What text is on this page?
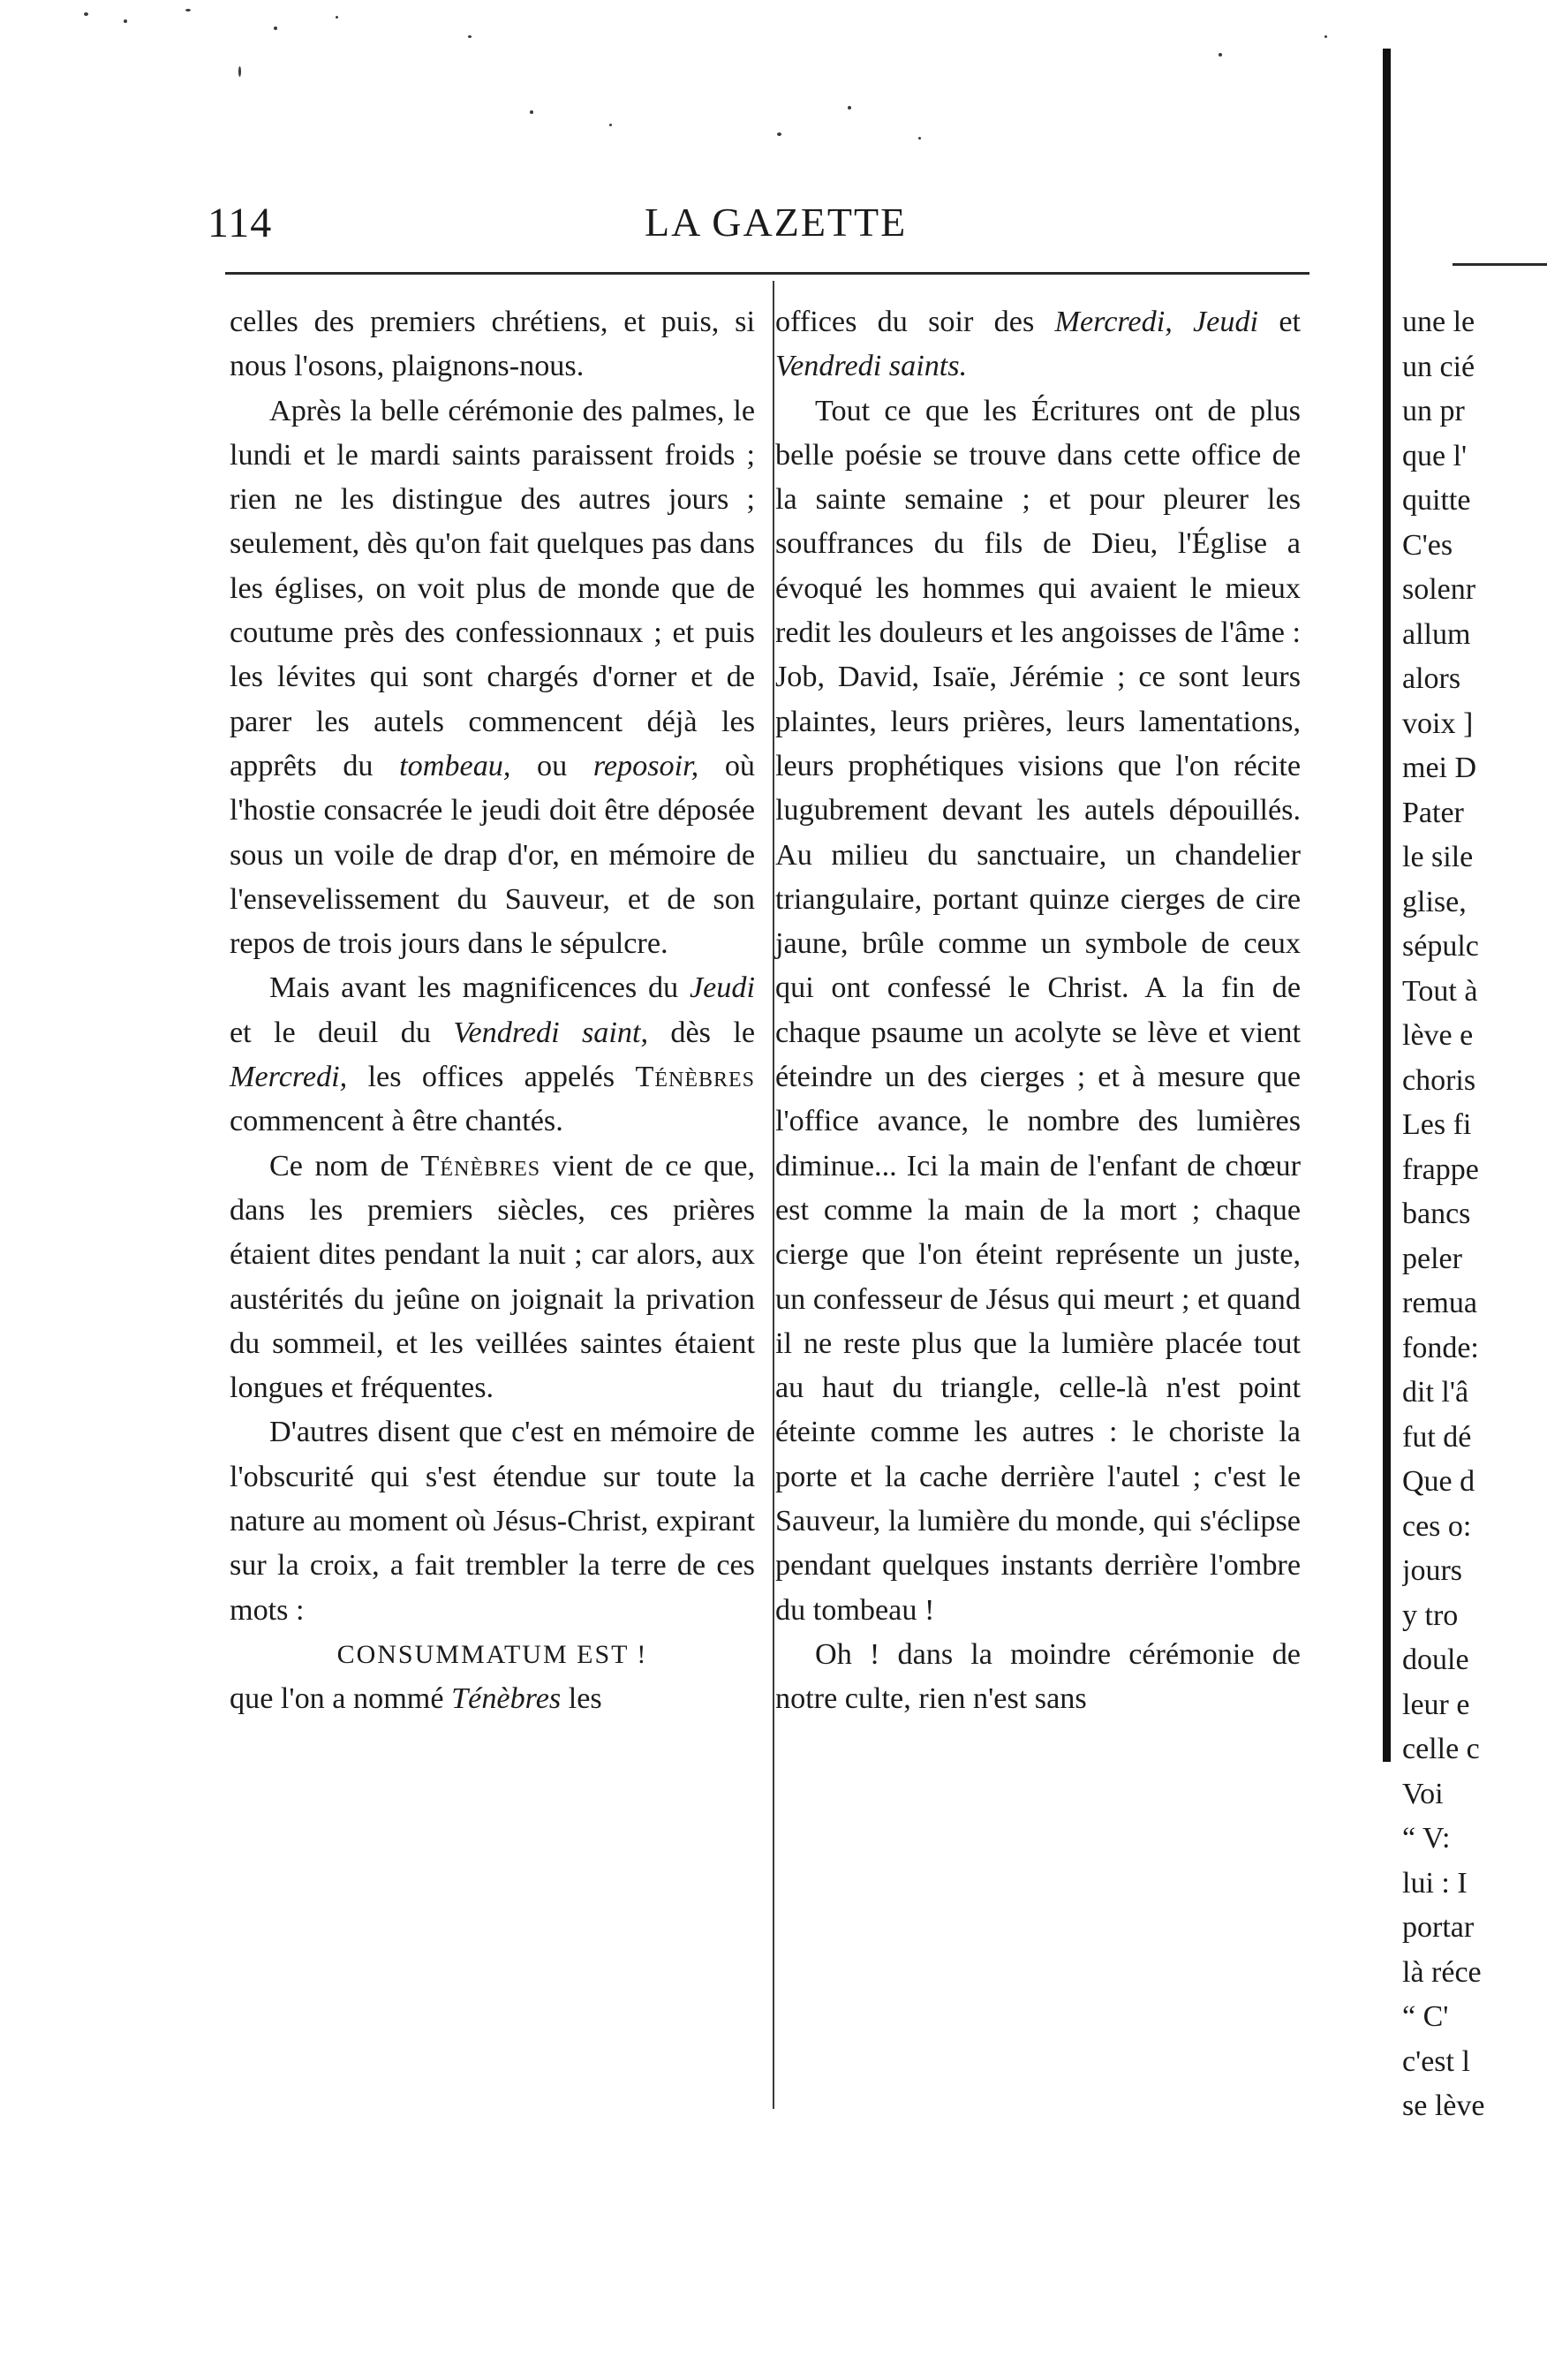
114	LA GAZETTE

celles des premiers chrétiens, et puis, si nous l'osons, plaignons-nous.

Après la belle cérémonie des palmes, le lundi et le mardi saints paraissent froids ; rien ne les distingue des autres jours ; seulement, dès qu'on fait quelques pas dans les églises, on voit plus de monde que de coutume près des confessionnaux ; et puis les lévites qui sont chargés d'orner et de parer les autels commencent déjà les apprêts du tombeau, ou reposoir, où l'hostie consacrée le jeudi doit être déposée sous un voile de drap d'or, en mémoire de l'ensevelissement du Sauveur, et de son repos de trois jours dans le sépulcre.

Mais avant les magnificences du Jeudi et le deuil du Vendredi saint, dès le Mercredi, les offices appelés Ténèbres commencent à être chantés.

Ce nom de Ténèbres vient de ce que, dans les premiers siècles, ces prières étaient dites pendant la nuit ; car alors, aux austérités du jeûne on joignait la privation du sommeil, et les veillées saintes étaient longues et fréquentes.

D'autres disent que c'est en mémoire de l'obscurité qui s'est étendue sur toute la nature au moment où Jésus-Christ, expirant sur la croix, a fait trembler la terre de ces mots :

CONSUMMATUM EST !

que l'on a nommé Ténèbres les

offices du soir des Mercredi, Jeudi et Vendredi saints.

Tout ce que les Écritures ont de plus belle poésie se trouve dans cette office de la sainte semaine ; et pour pleurer les souffrances du fils de Dieu, l'Église a évoqué les hommes qui avaient le mieux redit les douleurs et les angoisses de l'âme : Job, David, Isaïe, Jérémie ; ce sont leurs plaintes, leurs prières, leurs lamentations, leurs prophétiques visions que l'on récite lugubrement devant les autels dépouillés. Au milieu du sanctuaire, un chandelier triangulaire, portant quinze cierges de cire jaune, brûle comme un symbole de ceux qui ont confessé le Christ. A la fin de chaque psaume un acolyte se lève et vient éteindre un des cierges ; et à mesure que l'office avance, le nombre des lumières diminue... Ici la main de l'enfant de chœur est comme la main de la mort ; chaque cierge que l'on éteint représente un juste, un confesseur de Jésus qui meurt ; et quand il ne reste plus que la lumière placée tout au haut du triangle, celle-là n'est point éteinte comme les autres : le choriste la porte et la cache derrière l'autel ; c'est le Sauveur, la lumière du monde, qui s'éclipse pendant quelques instants derrière l'ombre du tombeau !

Oh ! dans la moindre cérémonie de notre culte, rien n'est sans

une le
un cié
un pr
que l'
quitte
C'es
solenr
allum
alors
voix ]
mei D
Pater
le sile
glise,
sépulc
Tout à
lève e
choris
Les fi
frappe
bancs
peler
remua
fonde:
dit l'â
fut dé
Que d
ces o:
jours
y tro
doule
leur e
celle c
Voi
“ V:
lui : I
portar
là réce
“ C'
c'est l
se lève
